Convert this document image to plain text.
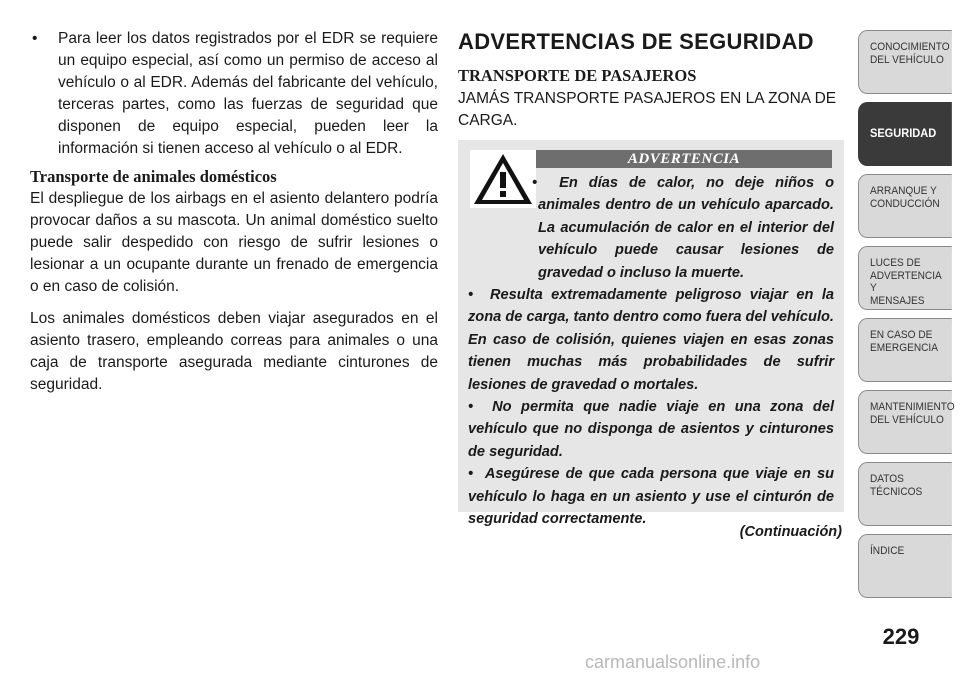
•	Para leer los datos registrados por el EDR se requiere un equipo especial, así como un permiso de acceso al vehículo o al EDR. Además del fabricante del vehículo, terceras partes, como las fuerzas de seguridad que disponen de equipo especial, pueden leer la información si tienen acceso al vehículo o al EDR.
Transporte de animales domésticos

El despliegue de los airbags en el asiento delantero podría provocar daños a su mascota. Un animal doméstico suelto puede salir despedido con riesgo de sufrir lesiones o lesionar a un ocupante durante un frenado de emergencia o en caso de colisión.

Los animales domésticos deben viajar asegurados en el asiento trasero, empleando correas para animales o una caja de transporte asegurada mediante cinturones de seguridad.

ADVERTENCIAS DE SEGURIDAD
TRANSPORTE DE PASAJEROS
JAMÁS TRANSPORTE PASAJEROS EN LA ZONA DE CARGA.
ADVERTENCIA
•  En días de calor, no deje niños o animales dentro de un vehículo aparcado. La acumulación de calor en el interior del vehículo puede causar lesiones de gravedad o incluso la muerte.
•  Resulta extremadamente peligroso viajar en la zona de carga, tanto dentro como fuera del vehículo. En caso de colisión, quienes viajen en esas zonas tienen muchas más probabilidades de sufrir lesiones de gravedad o mortales.
•  No permita que nadie viaje en una zona del vehículo que no disponga de asientos y cinturones de seguridad.
•  Asegúrese de que cada persona que viaje en su vehículo lo haga en un asiento y use el cinturón de seguridad correctamente.
(Continuación)
CONOCIMIENTO
DEL VEHÍCULO
SEGURIDAD
ARRANQUE Y
CONDUCCIÓN
LUCES DE
ADVERTENCIA Y
MENSAJES
EN CASO DE
EMERGENCIA
MANTENIMIENTO
DEL VEHÍCULO
DATOS
TÉCNICOS
ÍNDICE
229
carmanualsonline.info
